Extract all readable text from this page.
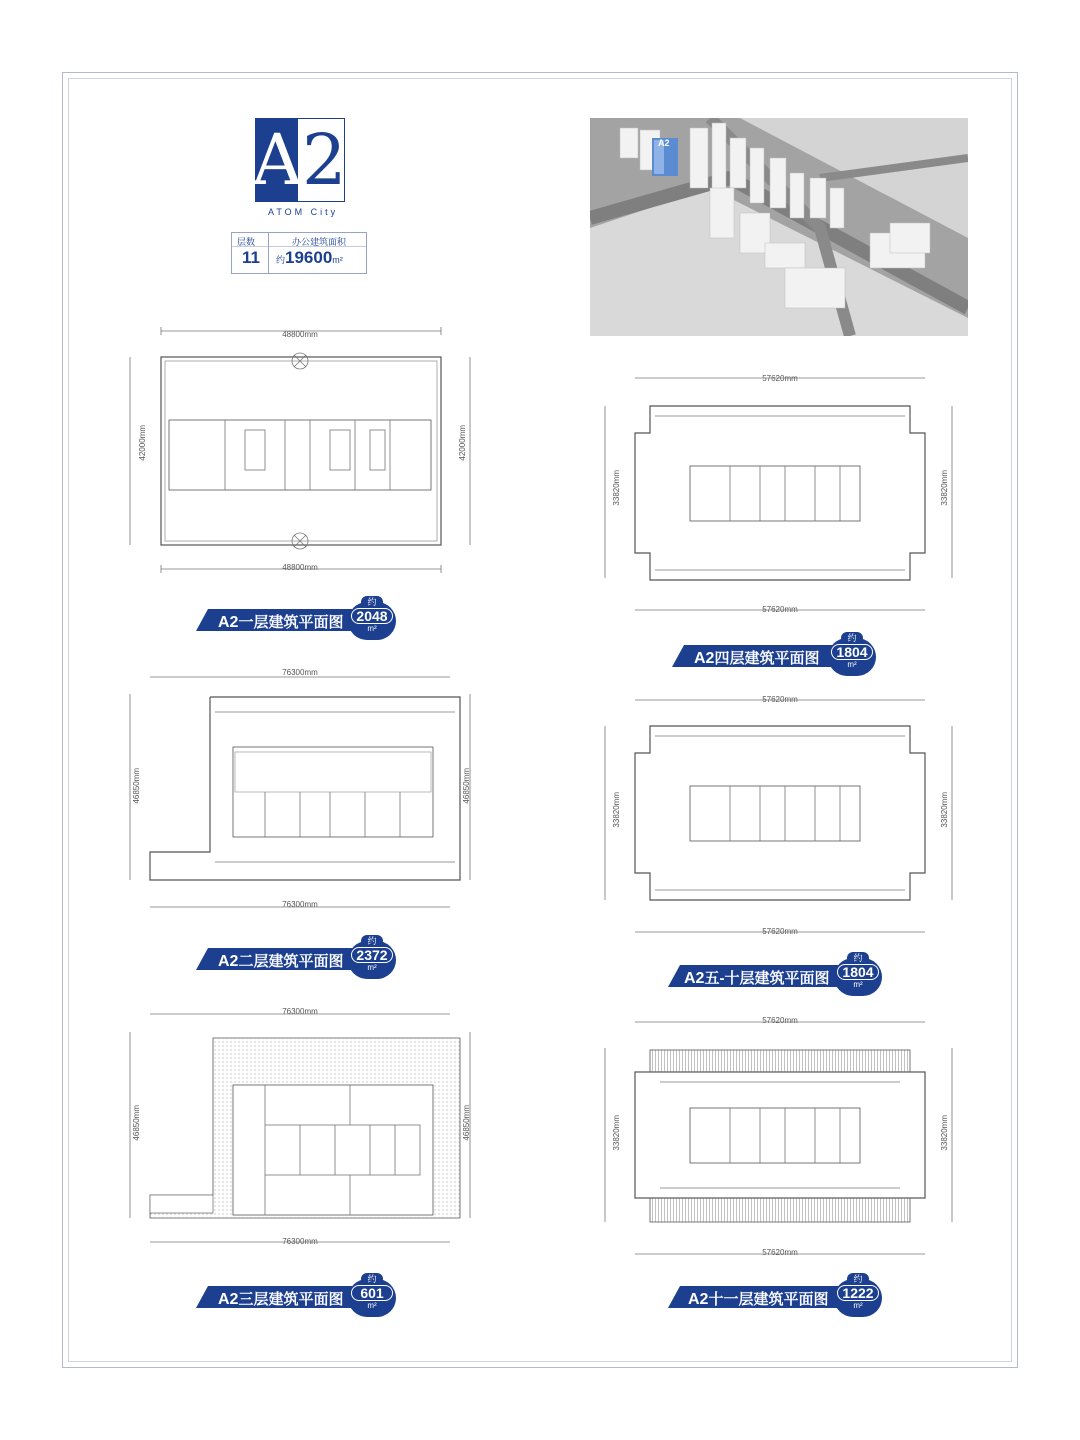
A 2
ATOM City
层数	办公建筑面积
11 约19600m²
A2
48800mm
48800mm
42000mm	42000mm
A2一层建筑平面图
约
2048
m²
76300mm
76300mm
46850mm	46850mm
A2二层建筑平面图
约
2372
m²
76300mm
76300mm
46850mm	46850mm
A2三层建筑平面图
约
601
m²
57620mm
57620mm
33820mm	33820mm
A2四层建筑平面图
约
1804
m²
57620mm
57620mm
33820mm	33820mm
A2五-十层建筑平面图
约
1804
m²
57620mm
57620mm
33820mm	33820mm
A2十一层建筑平面图
约
1222
m²
